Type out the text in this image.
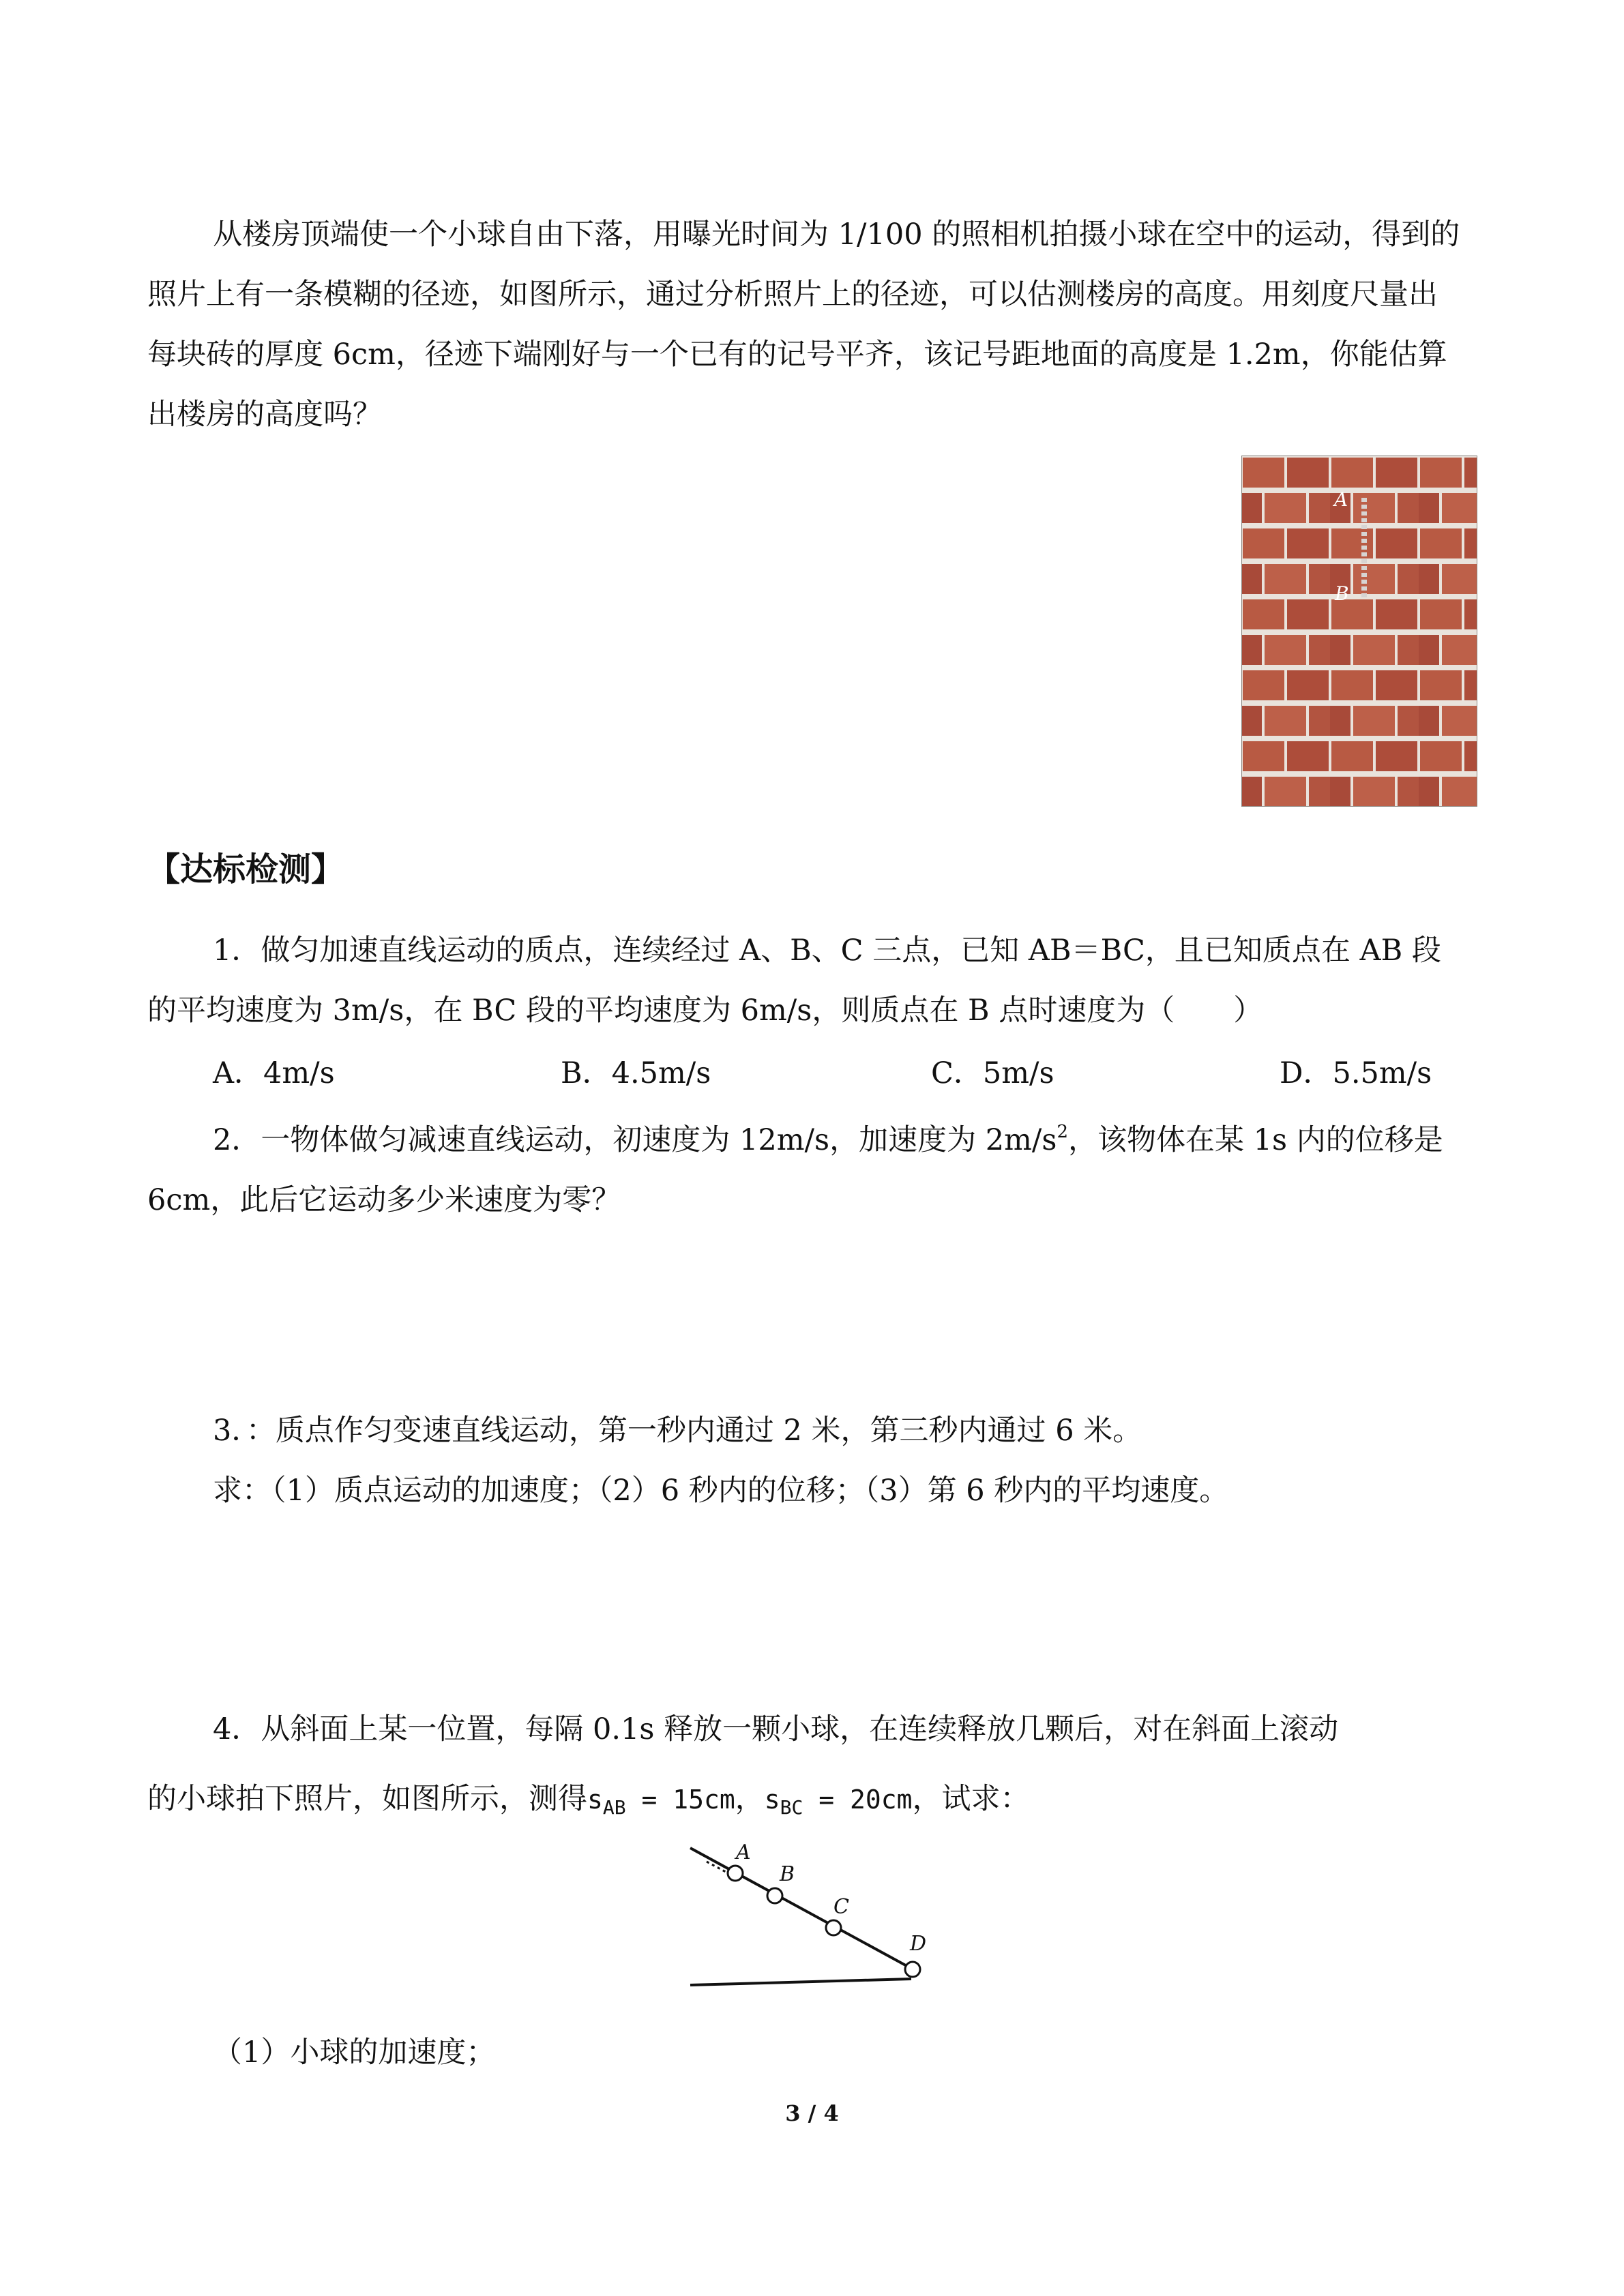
从楼房顶端使一个小球自由下落，用曝光时间为 1/100 的照相机拍摄小球在空中的运动，得到的照片上有一条模糊的径迹，如图所示，通过分析照片上的径迹，可以估测楼房的高度。用刻度尺量出每块砖的厚度 6cm，径迹下端刚好与一个已有的记号平齐，该记号距地面的高度是 1.2m，你能估算出楼房的高度吗？

A
B
【达标检测】

1．做匀加速直线运动的质点，连续经过 A、B、C 三点，已知 AB＝BC，且已知质点在 AB 段的平均速度为 3m/s，在 BC 段的平均速度为 6m/s，则质点在 B 点时速度为（　　）

A．4m/s	B．4.5m/s	C．5m/s	D．5.5m/s

2．一物体做匀减速直线运动，初速度为 12m/s，加速度为 $2m/s^2$，该物体在某 1s 内的位移是 6cm，此后它运动多少米速度为零？

3．：质点作匀变速直线运动，第一秒内通过 2 米，第三秒内通过 6 米。
求：（1）质点运动的加速度；（2）6 秒内的位移；（3）第 6 秒内的平均速度。
4．从斜面上某一位置，每隔 0.1s 释放一颗小球，在连续释放几颗后，对在斜面上滚动
的小球拍下照片，如图所示，测得$s_{AB} = 15cm$，$s_{BC} = 20cm$，试求：
A
B
C
D
（1）小球的加速度；
3 / 4
